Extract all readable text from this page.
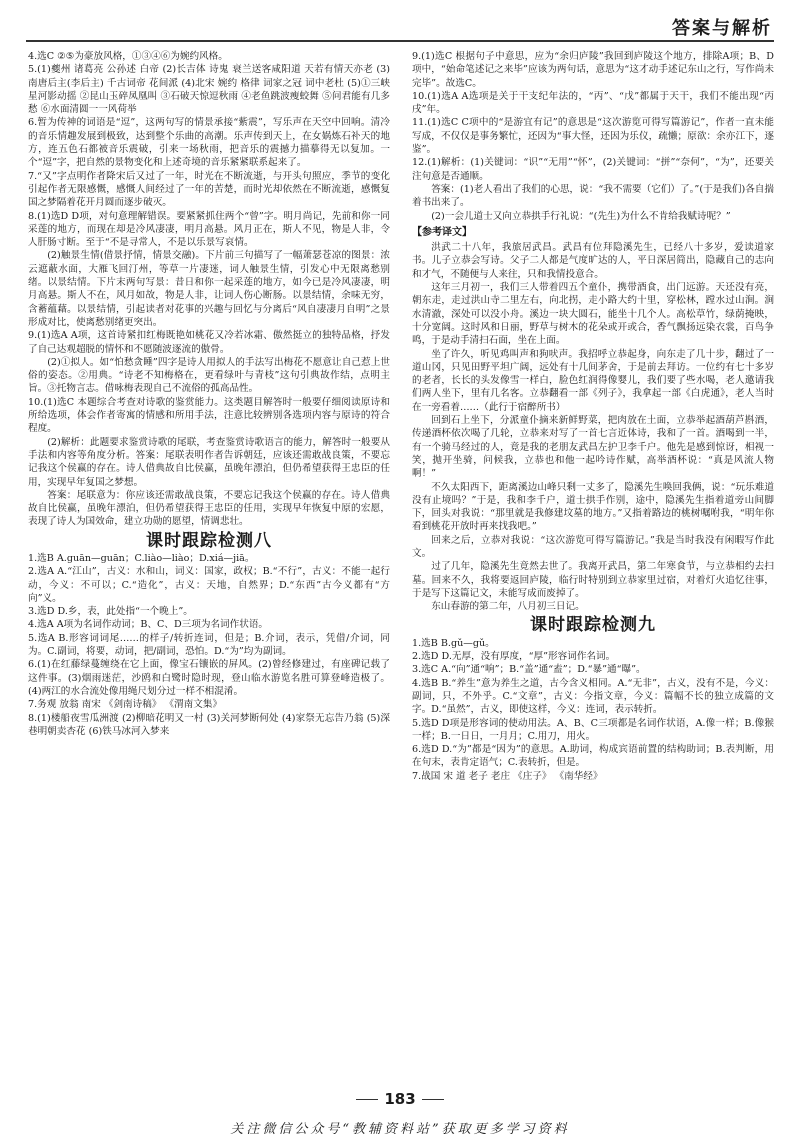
答案与解析

4.选C ②⑤为豪放风格，①③④⑥为婉约风格。

5.(1)夔州 诸葛亮 公孙述 白帝 (2)长吉体 诗鬼 衰兰送客咸阳道 天若有情天亦老 (3)南唐后主(李后主) 千古词帝 花间派 (4)北宋 婉约 格律 词家之冠 词中老杜 (5)①三峡星河影动摇 ②昆山玉碎凤凰叫 ③石破天惊逗秋雨 ④老鱼跳波瘦蛟舞 ⑤问君能有几多愁 ⑥水面清圆一一风荷举

6.暂为传神的词语是“逗”，这两句写的情景承接“紫震”，写乐声在天空中回响。清冷的音乐情趣发展到极致，达到整个乐曲的高潮。乐声传到天上，在女娲炼石补天的地方，连五色石都被音乐震破，引来一场秋雨，把音乐的震撼力描摹得无以复加。一个“逗”字，把自然的景物变化和上述奇境的音乐紧紧联系起来了。

7.“又”字点明作者降宋后又过了一年，时光在不断流逝，与开头句照应，季节的变化引起作者无限感慨，感慨人间经过了一年的苦楚，而时光却依然在不断流逝，感慨复国之梦隔着花开月圆而逐步破灭。

8.(1)选D D项，对句意理解错误。要紧紧抓住两个“曾”字。明月尚记，先前和你一同采莲的地方，而现在却是冷风凄凄，明月高悬。风月正在，斯人不见，物是人非，令人肝肠寸断。至于“不是寻常人，不是以乐景写哀情。

(2)触景生情(借景抒情，情景交融)。下片前三句描写了一幅萧瑟苍凉的图景：浓云遮蔽水面，大雁飞回汀州，等草一片凄迷，词人触景生情，引发心中无限离愁别绪。以景结情。下片末两句写景：昔日和你一起采莲的地方，如今已是冷风凄凄，明月高悬。斯人不在，风月如故，物是人非，让词人伤心断肠。以景结情，余味无穷，含蓄蕴藉。以景结情，引起读者对花事的兴趣与回忆与分离后“风自凄凄月自明”之景形成对比，使离愁别绪更突出。

9.(1)选A A项，这首诗紧扣红梅既艳如桃花又冷若冰霜、傲然挺立的独特品格，抒发了自己达观超脱的情怀和不愿随波逐流的傲骨。

(2)①拟人。如“怕愁贪睡”四字是诗人用拟人的手法写出梅花不愿意让自己惹上世俗的姿态。②用典。“诗老不知梅格在，更看绿叶与青枝”这句引典故作结，点明主旨。③托物言志。借咏梅表现自己不流俗的孤高品性。

10.(1)选C 本题综合考查对诗歌的鉴赏能力。这类题目解答时一般要仔细阅读原诗和所给选项，体会作者寄寓的情感和所用手法，注意比较辨别各选项内容与原诗的符合程度。

(2)解析：此题要求鉴赏诗歌的尾联，考查鉴赏诗歌语言的能力，解答时一般要从手法和内容等角度分析。答案：尾联表明作者告诉朝廷，应该还需敢战良策，不要忘记我这个侯赢的存在。诗人借典故自比侯赢，虽晚年漂泊，但仍希望获得王忠臣的任用，实现早年复国之梦想。

答案：尾联意为：你应该还需敢战良策，不要忘记我这个侯赢的存在。诗人借典故自比侯赢，虽晚年漂泊，但仍希望获得王忠臣的任用，实现早年恢复中原的宏愿，表现了诗人为国效命，建立功勋的愿望，情调悲壮。

课时跟踪检测八

1.选B A.guān—guān；C.liào—liào；D.xiá—jiā。

2.选A A.“江山”，古义：水和山，词义：国家，政权；B.“不行”，古义：不能一起行动，今义：不可以；C.“造化”，古义：天地，自然界；D.“东西”古今义都有“方向”义。

3.选D D.乡，表，此处指“一个晚上”。

4.选A A项为名词作动词；B、C、D三项为名词作状语。

5.选A B.形容词词尾……的样子/转折连词，但是；B.介词，表示，凭借/介词，同为。C.副词，将要，动词，把/副词，恐怕。D.“为”均为副词。

6.(1)在红藤绿蔓缠绕在它上面，像宝石镶嵌的屏风。(2)曾经修建过，有座碑记载了这件事。(3)烟雨迷茫，沙鸥和白鹭时隐时现，登山临水游览名胜可算登峰造极了。(4)两江的水合流处像用绳尺划分过一样不相混淆。

7.务观 放翁 南宋 《剑南诗稿》 《渭南文集》

8.(1)楼船夜雪瓜洲渡 (2)柳暗花明又一村 (3)关河梦断何处 (4)家祭无忘告乃翁 (5)深巷明朝卖杏花 (6)铁马冰河入梦来

9.(1)选C 根据句子中意思，应为“余归庐陵”我回到庐陵这个地方，排除A项；B、D项中，“始命笔述记之来毕”应该为两句话，意思为“这才动手述记东山之行，写作尚未完毕”。故选C。

10.(1)选A A选项是关于干支纪年法的，“丙”、“戊”都属于天干，我们不能出现“丙戌”年。

11.(1)选C C项中的“是游宜有记”的意思是“这次游览可得写篇游记”，作者一直未能写成，不仅仅是事务繁忙，还因为“事大怪，还因为乐仪，疏懒；原欲：余亦江下，逐鉴”。

12.(1)解析：(1)关键词：“识”“无用”“怀”，(2)关键词：“拼”“奈何”，“为”，还要关注句意是否通顺。

答案：(1)老人看出了我们的心思，说：“我不需要（它们）了。”(于是我们)各自揣着书出来了。

(2)一会儿道士又向立恭拱手行礼说：“(先生)为什么不肯给我赋诗呢？”

【参考译文】

洪武二十八年，我旅居武昌。武昌有位拜隐溪先生，已经八十多岁，爱读道家书。儿子立恭会写诗。父子二人都是气度旷达的人，平日深居简出，隐藏自己的志向和才气，不随便与人来往，只和我情投意合。

这年三月初一，我们三人带着四五个童仆，携带酒食，出门远游。天还没有亮，朝东走，走过洪山寺二里左右，向北拐，走小路大约十里，穿松林，蹚水过山涧。涧水清澈，深处可以没小舟。溪边一块大圆石，能坐十几个人。高松草竹，绿荫掩映，十分宽阔。这时风和日丽，野草与树木的花朵或开或合，香气飘扬远染衣裳，百鸟争鸣，于是动手清扫石面，坐在上面。

坐了许久，听见鸡叫声和狗吠声。我招呼立恭起身，向东走了几十步，翻过了一道山冈，只见田野平坦广阔，远处有十几间茅舍，于是前去拜访。一位约有七十多岁的老者，长长的头发像雪一样白，脸色红润得像婴儿，我们要了些水喝，老人邀请我们两人坐下，里有几名客。立恭翻看一部《列子》，我拿起一部《白虎通》，老人当时在一旁看着……（此行于宿醉所书）

回到石上坐下，分派童仆摘来新鲜野菜，把肉放在土面，立恭举起酒葫芦斟酒，传递酒杯依次喝了几轮，立恭来对写了一首七言近体诗，我和了一首。酒喝到一半，有一个骑马经过的人，竟是我的老朋友武昌左护卫李千户。他先是感到惊讶，相视一笑，抛开坐骑，问候我，立恭也和他一起吟诗作赋，高举酒杯说：“真是风流人物啊！”

不久太阳西下，距离溪边山峰只剩一丈多了，隐溪先生唤回我俩，说：“玩乐难道没有止境吗？”于是，我和李千户，道士拱手作别，途中，隐溪先生指着道旁山间脚下，回头对我说：“那里就是我修建坟墓的地方。”又指着路边的桃树嘱咐我，“明年你看到桃花开放时再来找我吧。”

回来之后，立恭对我说：“这次游览可得写篇游记。”我是当时我没有闲暇写作此文。

过了几年，隐溪先生竟然去世了。我离开武昌，第二年寒食节，与立恭相约去扫墓。回来不久，我将要返回庐陵，临行时特别到立恭家里过宿，对着灯火追忆往事，于是写下这篇记文，未能写成而废掉了。

东山春游的第二年，八月初三日记。

课时跟踪检测九

1.选B B.gǔ—gǔ。

2.选D D.无厚，没有厚度，“厚”形容词作名词。

3.选C A.“向”通“响”；B.“盖”通“盍”；D.“暴”通“曝”。

4.选B B.“养生”意为养生之道，古今含义相同。A.“无非”，古义，没有不是，今义：副词，只，不外乎。C.“文章”，古义：今指文章，今义：篇幅不长的独立成篇的文字。D.“虽然”，古义，即使这样，今义：连词，表示转折。

5.选D D项是形容词的使动用法。A、B、C三项都是名词作状语，A.像一样；B.像猴一样；B.一日日，一月月；C.用刀，用火。

6.选D D.“为”都是“因为”的意思。A.助词，构成宾语前置的结构助词；B.表判断，用在句末，表肯定语气；C.表转折，但是。

7.战国 宋 道 老子 老庄 《庄子》 《南华经》

183
关注微信公众号“教辅资料站”获取更多学习资料
